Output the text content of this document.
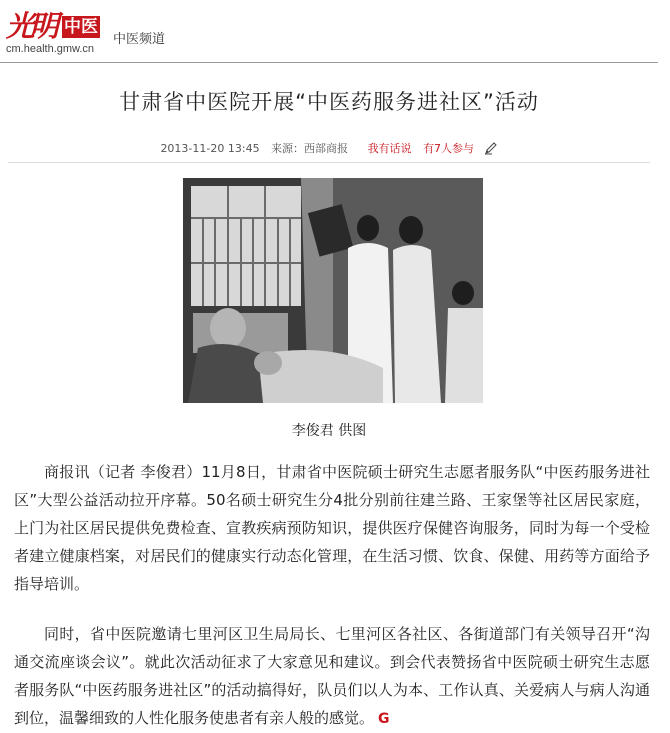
光明 中医
cm.health.gmw.cn
中医频道
甘肃省中医院开展“中医药服务进社区”活动
2013-11-20 13:45 来源：西部商报 我有话说 有7人参与
李俊君 供图

商报讯（记者 李俊君）11月8日，甘肃省中医院硕士研究生志愿者服务队“中医药服务进社区”大型公益活动拉开序幕。50名硕士研究生分4批分别前往建兰路、王家堡等社区居民家庭，上门为社区居民提供免费检查、宣教疾病预防知识，提供医疗保健咨询服务，同时为每一个受检者建立健康档案，对居民们的健康实行动态化管理，在生活习惯、饮食、保健、用药等方面给予指导培训。

同时，省中医院邀请七里河区卫生局局长、七里河区各社区、各街道部门有关领导召开“沟通交流座谈会议”。就此次活动征求了大家意见和建议。到会代表赞扬省中医院硕士研究生志愿者服务队“中医药服务进社区”的活动搞得好，队员们以人为本、工作认真、关爱病人与病人沟通到位，温馨细致的人性化服务使患者有亲人般的感觉。 G
